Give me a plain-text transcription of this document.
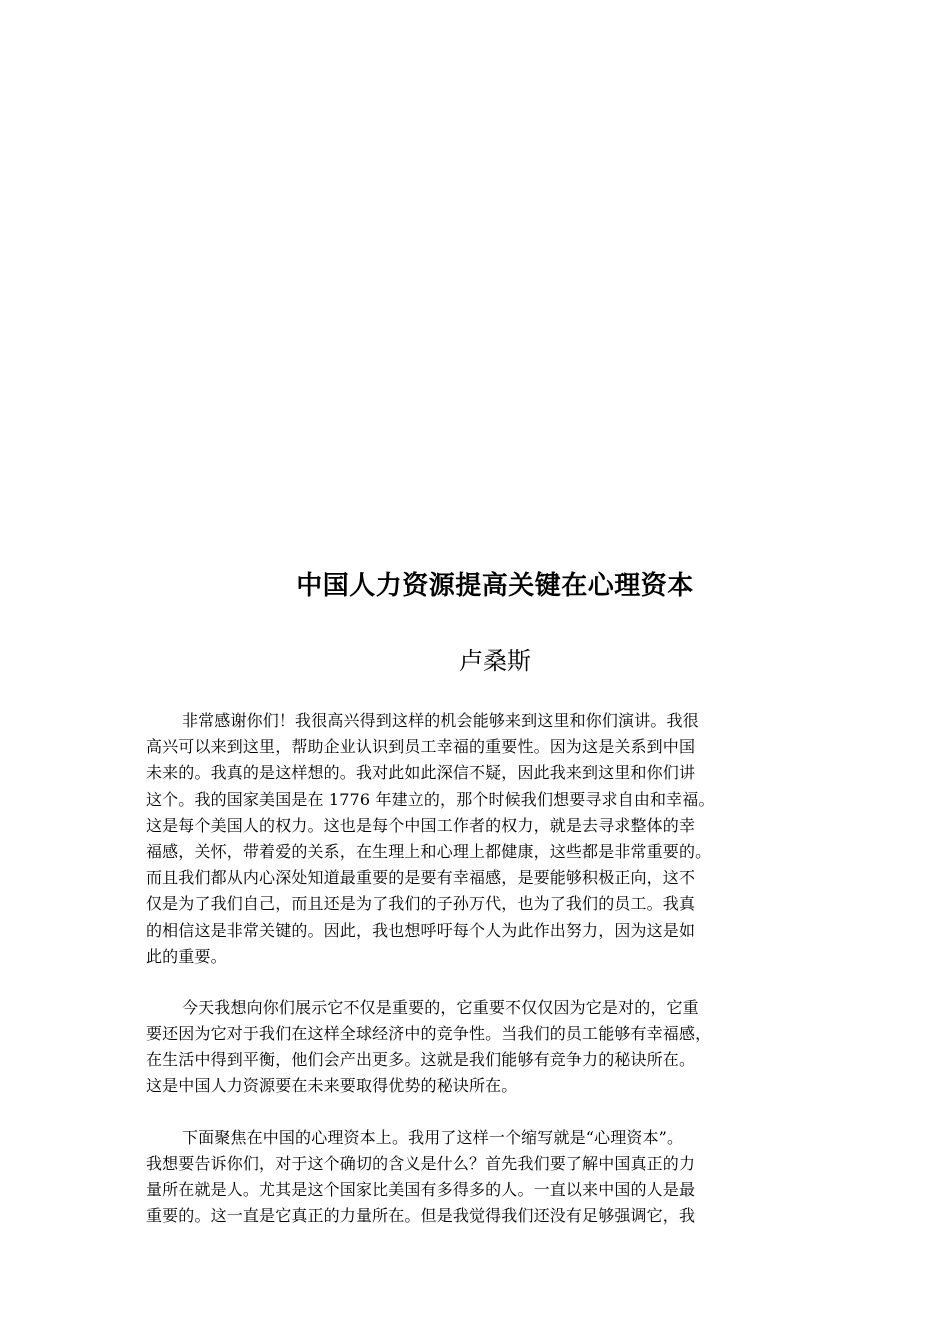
中国人力资源提高关键在心理资本
卢桑斯
非常感谢你们！我很高兴得到这样的机会能够来到这里和你们演讲。我很
高兴可以来到这里，帮助企业认识到员工幸福的重要性。因为这是关系到中国
未来的。我真的是这样想的。我对此如此深信不疑，因此我来到这里和你们讲
这个。我的国家美国是在 1776 年建立的，那个时候我们想要寻求自由和幸福。
这是每个美国人的权力。这也是每个中国工作者的权力，就是去寻求整体的幸
福感，关怀，带着爱的关系，在生理上和心理上都健康，这些都是非常重要的。
而且我们都从内心深处知道最重要的是要有幸福感，是要能够积极正向，这不
仅是为了我们自己，而且还是为了我们的子孙万代，也为了我们的员工。我真
的相信这是非常关键的。因此，我也想呼吁每个人为此作出努力，因为这是如
此的重要。
今天我想向你们展示它不仅是重要的，它重要不仅仅因为它是对的，它重
要还因为它对于我们在这样全球经济中的竞争性。当我们的员工能够有幸福感，
在生活中得到平衡，他们会产出更多。这就是我们能够有竞争力的秘诀所在。
这是中国人力资源要在未来要取得优势的秘诀所在。
下面聚焦在中国的心理资本上。我用了这样一个缩写就是“心理资本”。
我想要告诉你们，对于这个确切的含义是什么？首先我们要了解中国真正的力
量所在就是人。尤其是这个国家比美国有多得多的人。一直以来中国的人是最
重要的。这一直是它真正的力量所在。但是我觉得我们还没有足够强调它，我
